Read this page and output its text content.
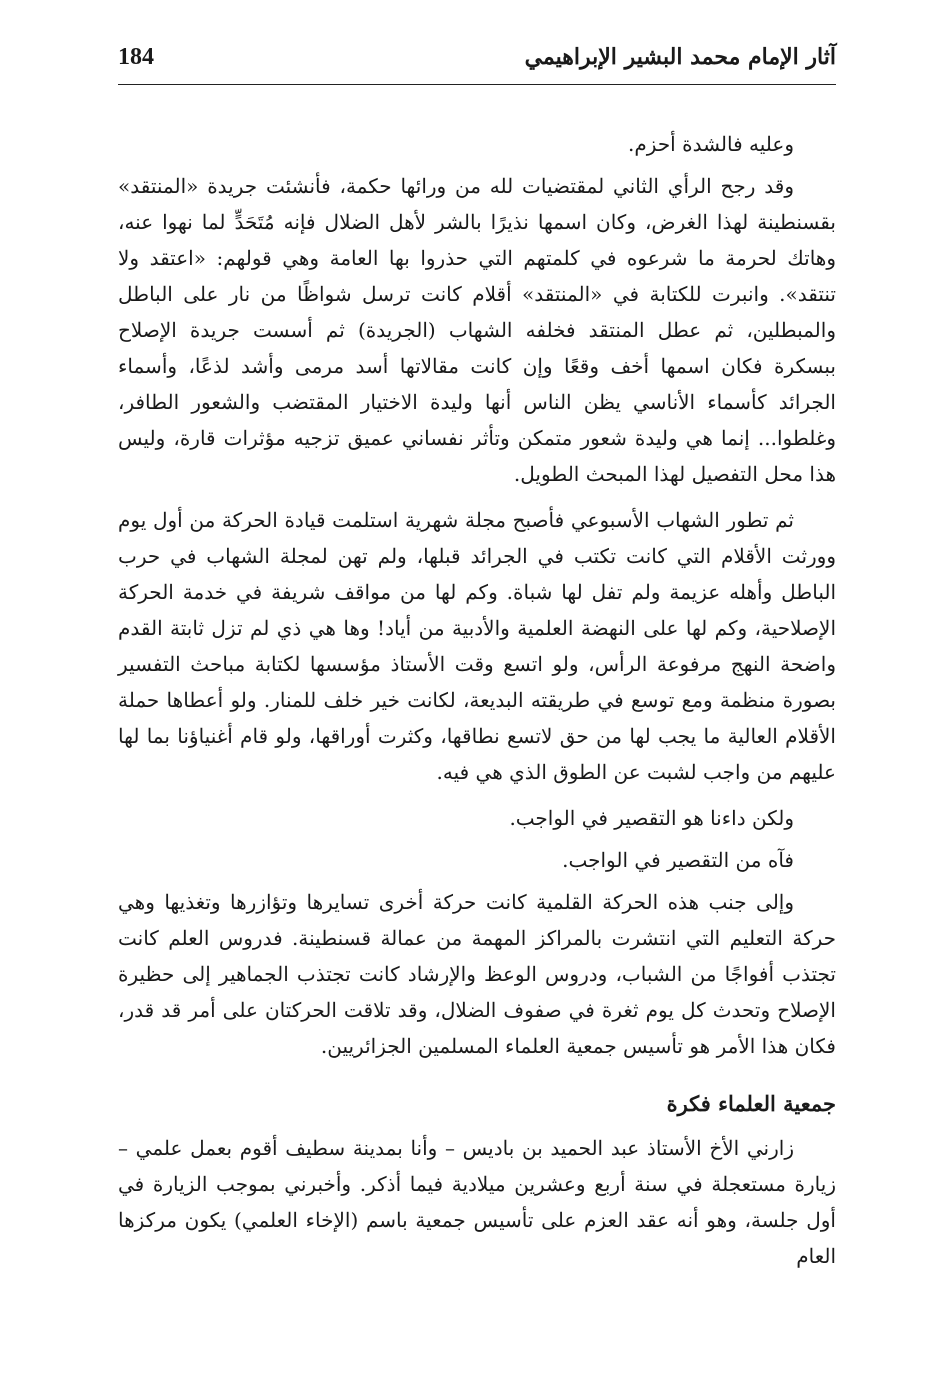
آثار الإمام محمد البشير الإبراهيمي
184

وعليه فالشدة أحزم.

وقد رجح الرأي الثاني لمقتضيات لله من ورائها حكمة، فأنشئت جريدة «المنتقد» بقسنطينة لهذا الغرض، وكان اسمها نذيرًا بالشر لأهل الضلال فإنه مُتَحَدٍّ لما نهوا عنه، وهاتك لحرمة ما شرعوه في كلمتهم التي حذروا بها العامة وهي قولهم: «اعتقد ولا تنتقد». وانبرت للكتابة في «المنتقد» أقلام كانت ترسل شواظًا من نار على الباطل والمبطلين، ثم عطل المنتقد فخلفه الشهاب (الجريدة) ثم أسست جريدة الإصلاح ببسكرة فكان اسمها أخف وقعًا وإن كانت مقالاتها أسد مرمى وأشد لذعًا، وأسماء الجرائد كأسماء الأناسي يظن الناس أنها وليدة الاختيار المقتضب والشعور الطافر، وغلطوا... إنما هي وليدة شعور متمكن وتأثر نفساني عميق تزجيه مؤثرات قارة، وليس هذا محل التفصيل لهذا المبحث الطويل.

ثم تطور الشهاب الأسبوعي فأصبح مجلة شهرية استلمت قيادة الحركة من أول يوم وورثت الأقلام التي كانت تكتب في الجرائد قبلها، ولم تهن لمجلة الشهاب في حرب الباطل وأهله عزيمة ولم تفل لها شباة. وكم لها من مواقف شريفة في خدمة الحركة الإصلاحية، وكم لها على النهضة العلمية والأدبية من أياد! وها هي ذي لم تزل ثابتة القدم واضحة النهج مرفوعة الرأس، ولو اتسع وقت الأستاذ مؤسسها لكتابة مباحث التفسير بصورة منظمة ومع توسع في طريقته البديعة، لكانت خير خلف للمنار. ولو أعطاها حملة الأقلام العالية ما يجب لها من حق لاتسع نطاقها، وكثرت أوراقها، ولو قام أغنياؤنا بما لها عليهم من واجب لشبت عن الطوق الذي هي فيه.

ولكن داءنا هو التقصير في الواجب.

فآه من التقصير في الواجب.

وإلى جنب هذه الحركة القلمية كانت حركة أخرى تسايرها وتؤازرها وتغذيها وهي حركة التعليم التي انتشرت بالمراكز المهمة من عمالة قسنطينة. فدروس العلم كانت تجتذب أفواجًا من الشباب، ودروس الوعظ والإرشاد كانت تجتذب الجماهير إلى حظيرة الإصلاح وتحدث كل يوم ثغرة في صفوف الضلال، وقد تلاقت الحركتان على أمر قد قدر، فكان هذا الأمر هو تأسيس جمعية العلماء المسلمين الجزائريين.

جمعية العلماء فكرة

زارني الأخ الأستاذ عبد الحميد بن باديس – وأنا بمدينة سطيف أقوم بعمل علمي – زيارة مستعجلة في سنة أربع وعشرين ميلادية فيما أذكر. وأخبرني بموجب الزيارة في أول جلسة، وهو أنه عقد العزم على تأسيس جمعية باسم (الإخاء العلمي) يكون مركزها العام
